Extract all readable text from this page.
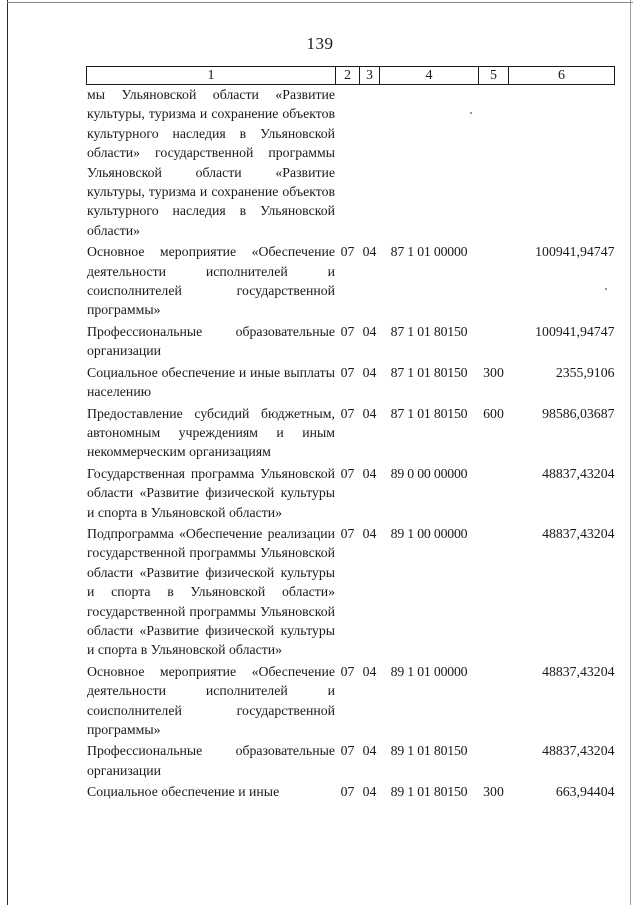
139
1	2	3	4	5	6
мы Ульяновской области «Развитие культуры, туризма и сохранение объектов культурного наследия в Ульяновской области» государственной программы Ульяновской области «Развитие культуры, туризма и сохранение объектов культурного наследия в Ульяновской области»					
Основное мероприятие «Обеспечение деятельности исполнителей и соисполнителей государственной программы»	07	04	87 1 01 00000		100941,94747
Профессиональные образовательные организации	07	04	87 1 01 80150		100941,94747
Социальное обеспечение и иные выплаты населению	07	04	87 1 01 80150	300	2355,9106
Предоставление субсидий бюджетным, автономным учреждениям и иным некоммерческим организациям	07	04	87 1 01 80150	600	98586,03687
Государственная программа Ульяновской области «Развитие физической культуры и спорта в Ульяновской области»	07	04	89 0 00 00000		48837,43204
Подпрограмма «Обеспечение реализации государственной программы Ульяновской области «Развитие физической культуры и спорта в Ульяновской области» государственной программы Ульяновской области «Развитие физической культуры и спорта в Ульяновской области»	07	04	89 1 00 00000		48837,43204
Основное мероприятие «Обеспечение деятельности исполнителей и соисполнителей государственной программы»	07	04	89 1 01 00000		48837,43204
Профессиональные образовательные организации	07	04	89 1 01 80150		48837,43204
Социальное обеспечение и иные	07	04	89 1 01 80150	300	663,94404
